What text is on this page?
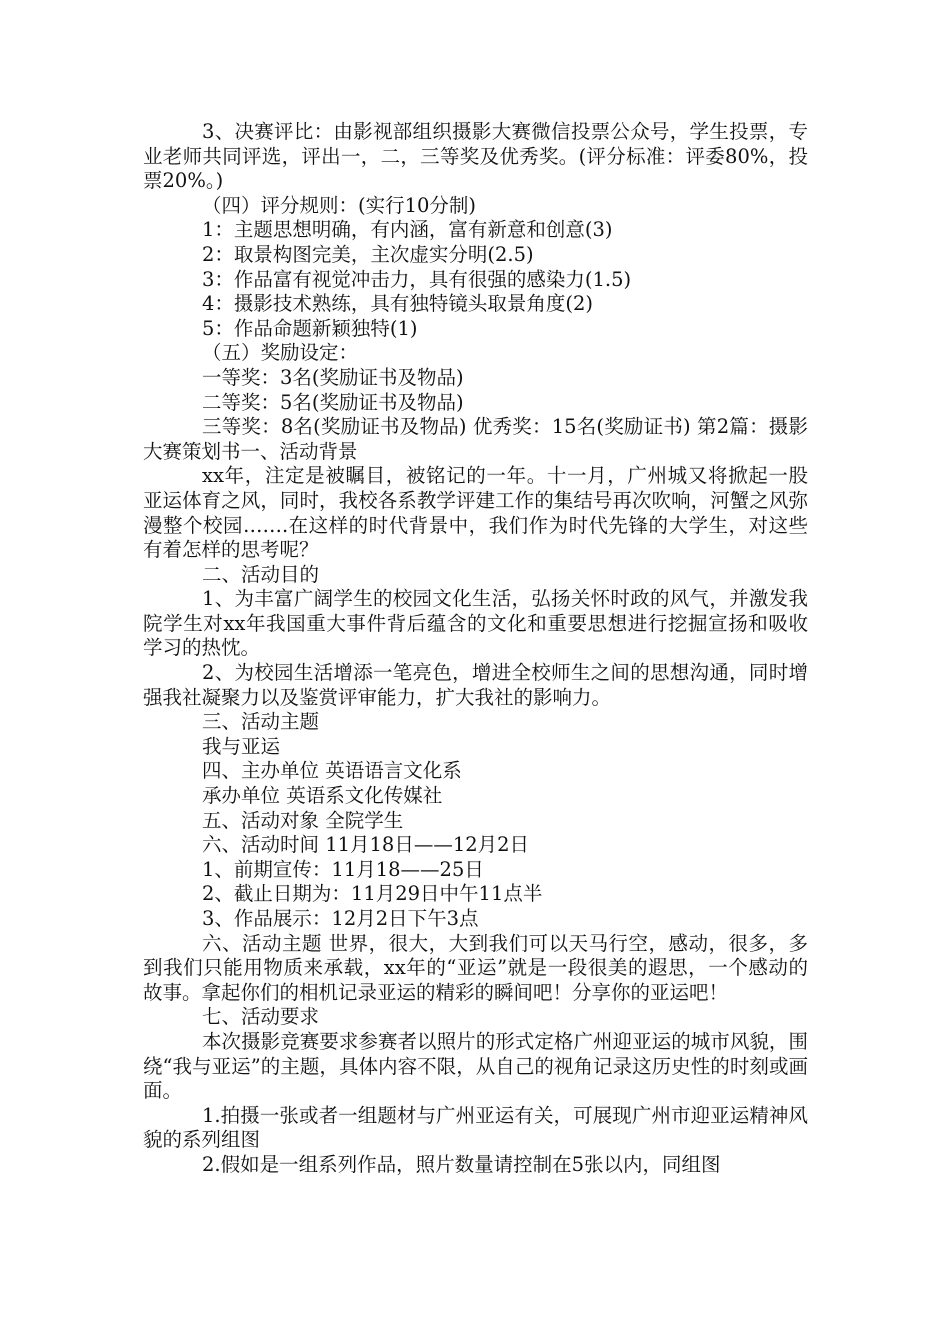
3、决赛评比：由影视部组织摄影大赛微信投票公众号，学生投票，专业老师共同评选，评出一，二，三等奖及优秀奖。(评分标准：评委80%，投票20%。)

（四）评分规则：(实行10分制)

1：主题思想明确，有内涵，富有新意和创意(3)

2：取景构图完美，主次虚实分明(2.5)

3：作品富有视觉冲击力，具有很强的感染力(1.5)

4：摄影技术熟练，具有独特镜头取景角度(2)

5：作品命题新颖独特(1)

（五）奖励设定：

一等奖：3名(奖励证书及物品)

二等奖：5名(奖励证书及物品)

三等奖：8名(奖励证书及物品) 优秀奖：15名(奖励证书) 第2篇：摄影大赛策划书一、活动背景

xx年，注定是被瞩目，被铭记的一年。十一月，广州城又将掀起一股亚运体育之风，同时，我校各系教学评建工作的集结号再次吹响，河蟹之风弥漫整个校园…….在这样的时代背景中，我们作为时代先锋的大学生，对这些有着怎样的思考呢？

二、活动目的

1、为丰富广阔学生的校园文化生活，弘扬关怀时政的风气，并激发我院学生对xx年我国重大事件背后蕴含的文化和重要思想进行挖掘宣扬和吸收学习的热忱。

2、为校园生活增添一笔亮色，增进全校师生之间的思想沟通，同时增强我社凝聚力以及鉴赏评审能力，扩大我社的影响力。

三、活动主题

我与亚运

四、主办单位 英语语言文化系

承办单位 英语系文化传媒社

五、活动对象 全院学生

六、活动时间 11月18日——12月2日

1、前期宣传：11月18——25日

2、截止日期为：11月29日中午11点半

3、作品展示：12月2日下午3点

六、活动主题 世界，很大，大到我们可以天马行空，感动，很多，多到我们只能用物质来承载，xx年的“亚运”就是一段很美的遐思，一个感动的故事。拿起你们的相机记录亚运的精彩的瞬间吧！分享你的亚运吧！

七、活动要求

本次摄影竞赛要求参赛者以照片的形式定格广州迎亚运的城市风貌，围绕“我与亚运”的主题，具体内容不限，从自己的视角记录这历史性的时刻或画面。

1.拍摄一张或者一组题材与广州亚运有关，可展现广州市迎亚运精神风貌的系列组图

2.假如是一组系列作品，照片数量请控制在5张以内，同组图
